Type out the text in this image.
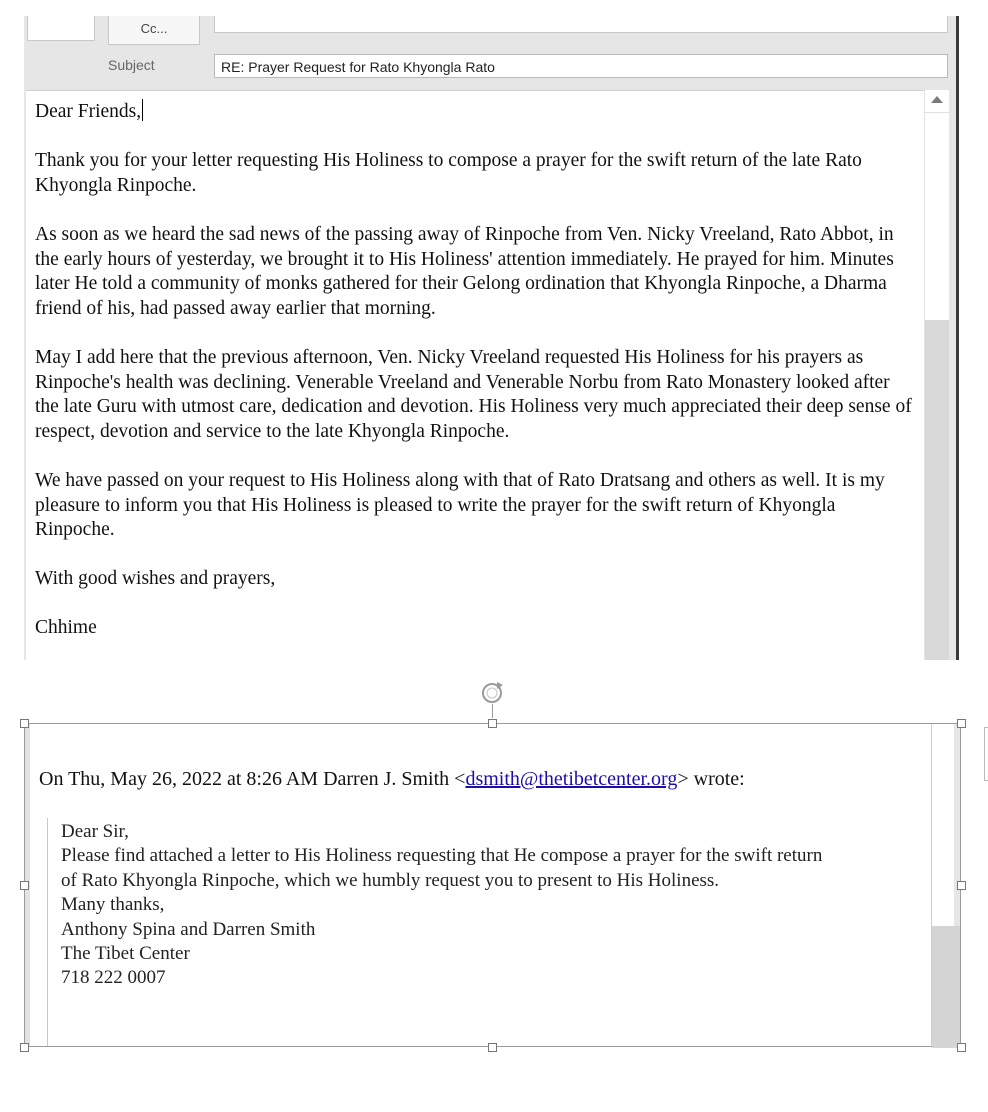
Cc...
Subject	RE: Prayer Request for Rato Khyongla Rato

Dear Friends,

Thank you for your letter requesting His Holiness to compose a prayer for the swift return of the late Rato Khyongla Rinpoche.

As soon as we heard the sad news of the passing away of Rinpoche from Ven. Nicky Vreeland, Rato Abbot, in the early hours of yesterday, we brought it to His Holiness' attention immediately. He prayed for him. Minutes later He told a community of monks gathered for their Gelong ordination that Khyongla Rinpoche, a Dharma friend of his, had passed away earlier that morning.

May I add here that the previous afternoon, Ven. Nicky Vreeland requested His Holiness for his prayers as Rinpoche's health was declining. Venerable Vreeland and Venerable Norbu from Rato Monastery looked after the late Guru with utmost care, dedication and devotion. His Holiness very much appreciated their deep sense of respect, devotion and service to the late Khyongla Rinpoche.

We have passed on your request to His Holiness along with that of Rato Dratsang and others as well. It is my pleasure to inform you that His Holiness is pleased to write the prayer for the swift return of Khyongla Rinpoche.

With good wishes and prayers,

Chhime

On Thu, May 26, 2022 at 8:26 AM Darren J. Smith <dsmith@thetibetcenter.org> wrote:
Dear Sir,
Please find attached a letter to His Holiness requesting that He compose a prayer for the swift return
of Rato Khyongla Rinpoche, which we humbly request you to present to His Holiness.
Many thanks,
Anthony Spina and Darren Smith
The Tibet Center
718 222 0007
